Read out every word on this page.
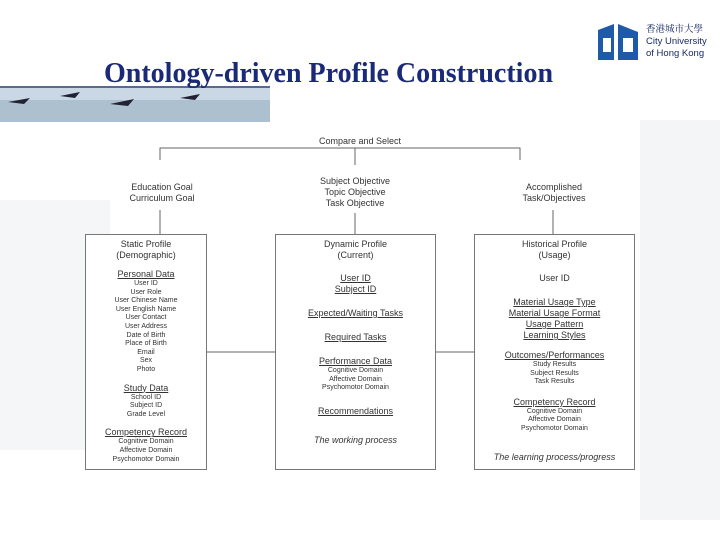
Ontology-driven Profile Construction
香港城市大學
City University
of Hong Kong
Compare and Select
Education Goal
Curriculum Goal
Subject Objective
Topic Objective
Task Objective
Accomplished
Task/Objectives
Static Profile
(Demographic)
Personal Data
User ID
User Role
User Chinese Name
User English Name
User Contact
User Address
Date of Birth
Place of Birth
Email
Sex
Photo
Study Data
School ID
Subject ID
Grade Level
Competency Record
Cognitive Domain
Affective Domain
Psychomotor Domain
Dynamic Profile
(Current)
User ID
Subject ID
Expected/Waiting Tasks
Required Tasks
Performance Data
Cognitive Domain
Affective Domain
Psychomotor Domain
Recommendations
The working process
Historical Profile
(Usage)
User ID
Material Usage Type
Material Usage Format
Usage Pattern
Learning Styles
Outcomes/Performances
Study Results
Subject Results
Task Results
Competency Record
Cognitive Domain
Affective Domain
Psychomotor Domain
The learning process/progress
